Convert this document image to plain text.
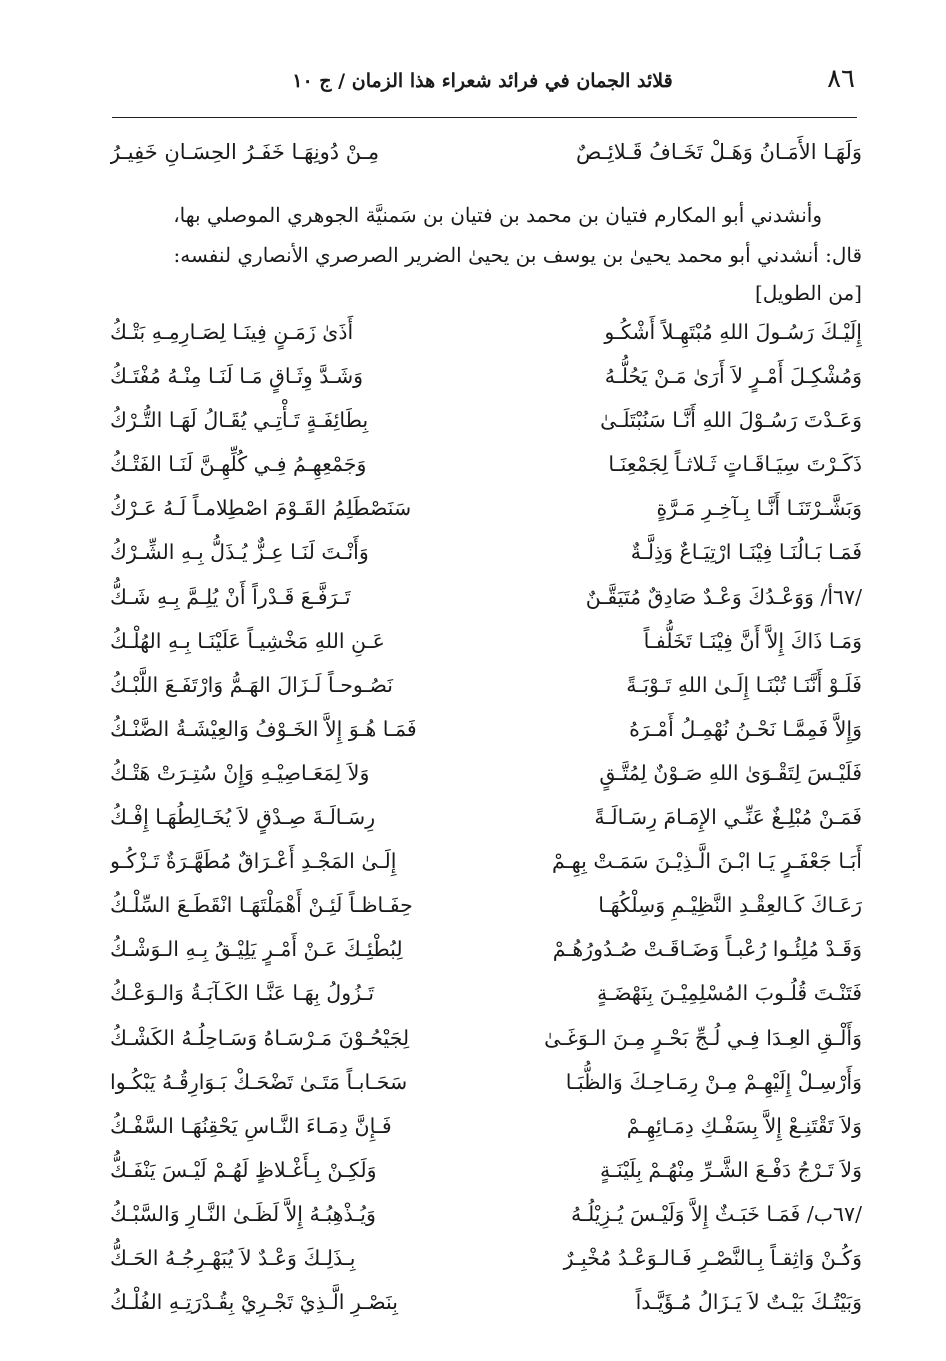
٨٦
قلائد الجمان في فرائد شعراء هذا الزمان / ج ١٠
وَلَهَـا الأَمَـانُ وَهَـلْ تَخَـافُ قَـلائِـصٌ
مِـنْ دُونِهَـا خَفَـرُ الحِسَـانِ خَفِيـرُ
وأنشدني أبو المكارم فتيان بن محمد بن فتيان بن سَمنيَّة الجوهري الموصلي بها،
قال: أنشدني أبو محمد يحيىٰ بن يوسف بن يحيىٰ الضرير الصرصري الأنصاري لنفسه:
[من الطويل]
إِلَيْـكَ رَسُـولَ اللهِ مُبْتَهِـلاً أَشْكُـو
أَذَىٰ زَمَـنٍ فِينَـا لِصَـارِمِـهِ بَتْـكُ
وَمُشْكِـلَ أَمْـرٍ لاَ أَرَىٰ مَـنْ يَحُلُّـهُ
وَشَـدَّ وِثَـاقٍ مَـا لَنَـا مِنْـهُ مُفْتَـكُ
وَعَـدْتَ رَسُـوْلَ اللهِ أَنَّـا سَنُبْتَلَـىٰ
بِطَائِفَـةٍ تَـأْتِـي يُقَـالُ لَهَـا التُّـرْكُ
ذَكَـرْتَ سِيَـاقَـاتٍ ثَـلاثـاً لِجَمْعِنَـا
وَجَمْعِهِـمُ فِـي كُلِّهِـنَّ لَنَـا الفَتْـكُ
وَبَشَّـرْتَنَـا أَنَّـا بِـآخِـرِ مَـرَّةٍ
سَنَصْطَلِمُ القَـوْمَ اصْطِلامـاً لَـهُ عَـرْكُ
فَمَـا بَـالُنَـا فِيْنَـا ارْتِيَـاعٌ وَذِلَّـةٌ
وَأَنْـتَ لَنَـا عِـزٌّ يُـذَلُّ بِـهِ الشِّـرْكُ
/٦٧أ/ وَوَعْـدُكَ وَعْـدٌ صَادِقٌ مُتَيَقَّـنٌ
تَـرَفَّـعَ قَـدْراً أَنْ يُلِـمَّ بِـهِ شَـكُّ
وَمَـا ذَاكَ إِلاَّ أَنَّ فِيْنَـا تَخَلُّفـاً
عَـنِ اللهِ مَخْشِيـاً عَلَيْنَـا بِـهِ الهُلْـكُ
فَلَـوْ أَنَّنَـا تُبْنَـا إِلَـىٰ اللهِ تَـوْبَـةً
نَصُـوحـاً لَـزَالَ الهَـمُّ وَارْتَفَـعَ اللَّبْـكُ
وَإِلاَّ فَمِمَّـا نَحْـنُ نُهْمِـلُ أَمْـرَهُ
فَمَـا هُـوَ إِلاَّ الخَـوْفُ وَالعِيْشَـةُ الضَّنْـكُ
فَلَيْـسَ لِتَقْـوَىٰ اللهِ صَـوْنٌ لِمُتَّـقٍ
وَلاَ لِمَعَـاصِيْـهِ وَإِنْ سُتِـرَتْ هَتْـكُ
فَمَـنْ مُبْلِـغٌ عَنِّـي الإِمَـامَ رِسَـالَـةً
رِسَـالَـةَ صِـدْقٍ لاَ يُخَـالِطُهَـا إِفْـكُ
أَبَـا جَعْفَـرٍ يَـا ابْـنَ الَّـذِيْـنَ سَمَـتْ بِهِـمْ
إِلَـىٰ المَجْـدِ أَعْـرَاقٌ مُطَهَّـرَةٌ تَـزْكُـو
رَعَـاكَ كَـالعِقْـدِ النَّظِيْـمِ وَسِلْكُهَـا
حِفَـاظـاً لَئِـنْ أَهْمَلْتَهَـا انْقَطَـعَ السِّلْـكُ
وَقَـدْ مُلِئُـوا رُعْبـاً وَضَـاقَـتْ صُـدُورُهُـمْ
لِبُطْئِـكَ عَـنْ أَمْـرٍ يَلِيْـقُ بِـهِ الـوَشْـكُ
فَتَنْـتَ قُلُـوبَ المُسْلِمِيْـنَ بِنَهْضَـةٍ
تَـزُولُ بِهَـا عَنَّـا الكَـآبَـةُ وَالـوَعْـكُ
وَأَلْـقِ العِـدَا فِـي لُـجِّ بَحْـرٍ مِـنَ الـوَغَـىٰ
لِجَيْحُـوْنَ مَـرْسَـاهُ وَسَـاحِلُـهُ الكَشْـكُ
وَأَرْسِـلْ إِلَيْهِـمْ مِـنْ رِمَـاحِـكَ وَالظُّبَـا
سَحَـابـاً مَتَـىٰ تَضْحَـكْ بَـوَارِقُـهُ يَبْكُـوا
وَلاَ تَقْتَنِـعْ إِلاَّ بِسَفْـكِ دِمَـائِهِـمْ
فَـإِنَّ دِمَـاءَ النَّـاسِ يَحْقِنُهَـا السَّفْـكُ
وَلاَ تَـرْجُ دَفْـعَ الشَّـرِّ مِنْهُـمْ بِلَيْنَـةٍ
وَلَكِـنْ بِـأَغْـلاظٍ لَهُـمْ لَيْـسَ يَنْفَـكُّ
/٦٧ب/ فَمَـا خَبَـثٌ إِلاَّ وَلَيْـسَ يُـزِيْلُـهُ
وَيُـذْهِبُـهُ إِلاَّ لَظَـىٰ النَّـارِ وَالسَّبْـكُ
وَكُـنْ وَاثِقـاً بِـالنَّصْـرِ فَـالـوَعْـدُ مُخْبِـرٌ
بِـذَلِـكَ وَعْـدٌ لاَ يُبَهْـرِجُـهُ الحَـكُّ
وَبَيْتُـكَ بَيْـتٌ لاَ يَـزَالُ مُـؤَيَّـداً
بِنَصْـرِ الَّـذِيْ تَجْـرِيْ بِقُـدْرَتِـهِ الفُلْـكُ
